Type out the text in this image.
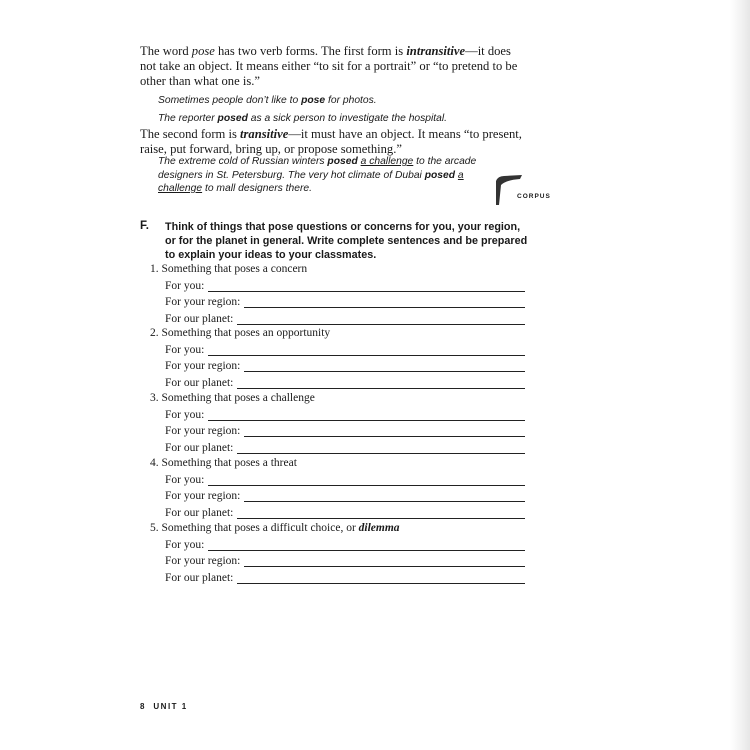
The word pose has two verb forms. The first form is intransitive—it does not take an object. It means either “to sit for a portrait” or “to pretend to be other than what one is.”
Sometimes people don’t like to pose for photos.
The reporter posed as a sick person to investigate the hospital.
The second form is transitive—it must have an object. It means “to present, raise, put forward, bring up, or propose something.”
The extreme cold of Russian winters posed a challenge to the arcade designers in St. Petersburg. The very hot climate of Dubai posed a challenge to mall designers there.
CORPUS
F. Think of things that pose questions or concerns for you, your region, or for the planet in general. Write complete sentences and be prepared to explain your ideas to your classmates.
1. Something that poses a concern
For you:
For your region:
For our planet:
2. Something that poses an opportunity
For you:
For your region:
For our planet:
3. Something that poses a challenge
For you:
For your region:
For our planet:
4. Something that poses a threat
For you:
For your region:
For our planet:
5. Something that poses a difficult choice, or dilemma
For you:
For your region:
For our planet:
8 UNIT 1
